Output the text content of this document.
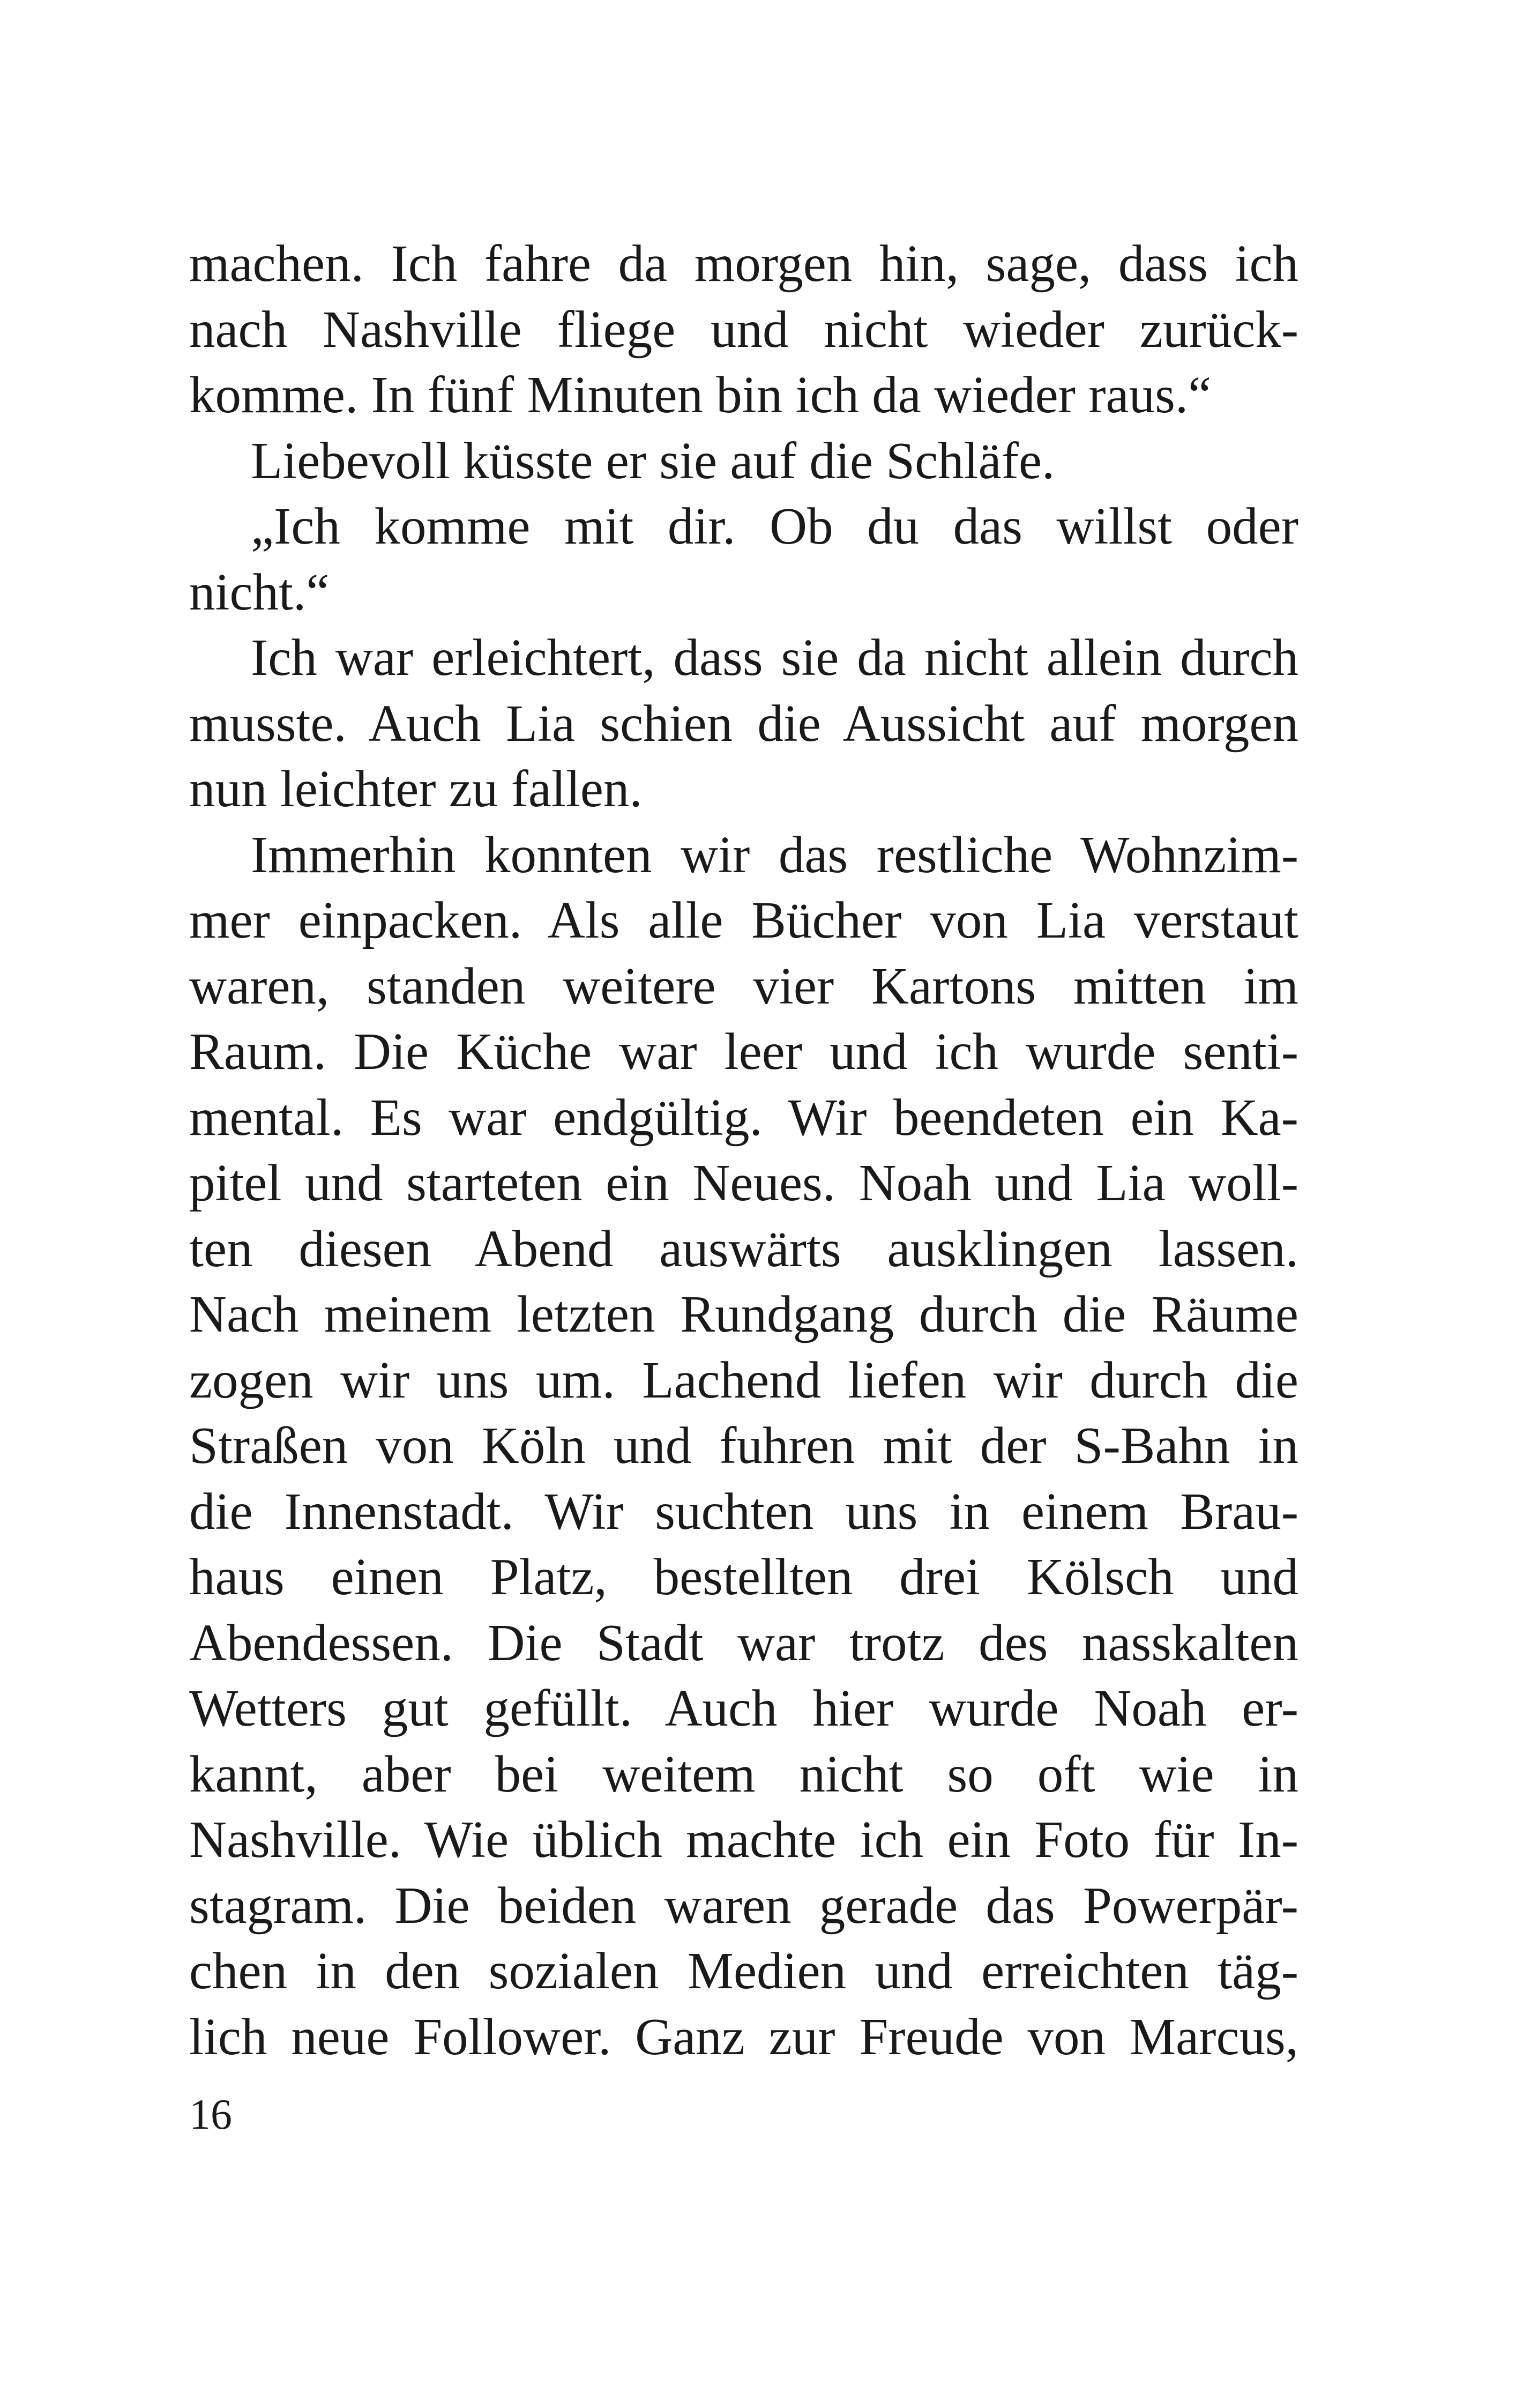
machen. Ich fahre da morgen hin, sage, dass ich
nach Nashville fliege und nicht wieder zurück-
komme. In fünf Minuten bin ich da wieder raus.“
Liebevoll küsste er sie auf die Schläfe.
„Ich komme mit dir. Ob du das willst oder
nicht.“
Ich war erleichtert, dass sie da nicht allein durch
musste. Auch Lia schien die Aussicht auf morgen
nun leichter zu fallen.
Immerhin konnten wir das restliche Wohnzim-
mer einpacken. Als alle Bücher von Lia verstaut
waren, standen weitere vier Kartons mitten im
Raum. Die Küche war leer und ich wurde senti-
mental. Es war endgültig. Wir beendeten ein Ka-
pitel und starteten ein Neues. Noah und Lia woll-
ten diesen Abend auswärts ausklingen lassen.
Nach meinem letzten Rundgang durch die Räume
zogen wir uns um. Lachend liefen wir durch die
Straßen von Köln und fuhren mit der S-Bahn in
die Innenstadt. Wir suchten uns in einem Brau-
haus einen Platz, bestellten drei Kölsch und
Abendessen. Die Stadt war trotz des nasskalten
Wetters gut gefüllt. Auch hier wurde Noah er-
kannt, aber bei weitem nicht so oft wie in
Nashville. Wie üblich machte ich ein Foto für In-
stagram. Die beiden waren gerade das Powerpär-
chen in den sozialen Medien und erreichten täg-
lich neue Follower. Ganz zur Freude von Marcus,
16
